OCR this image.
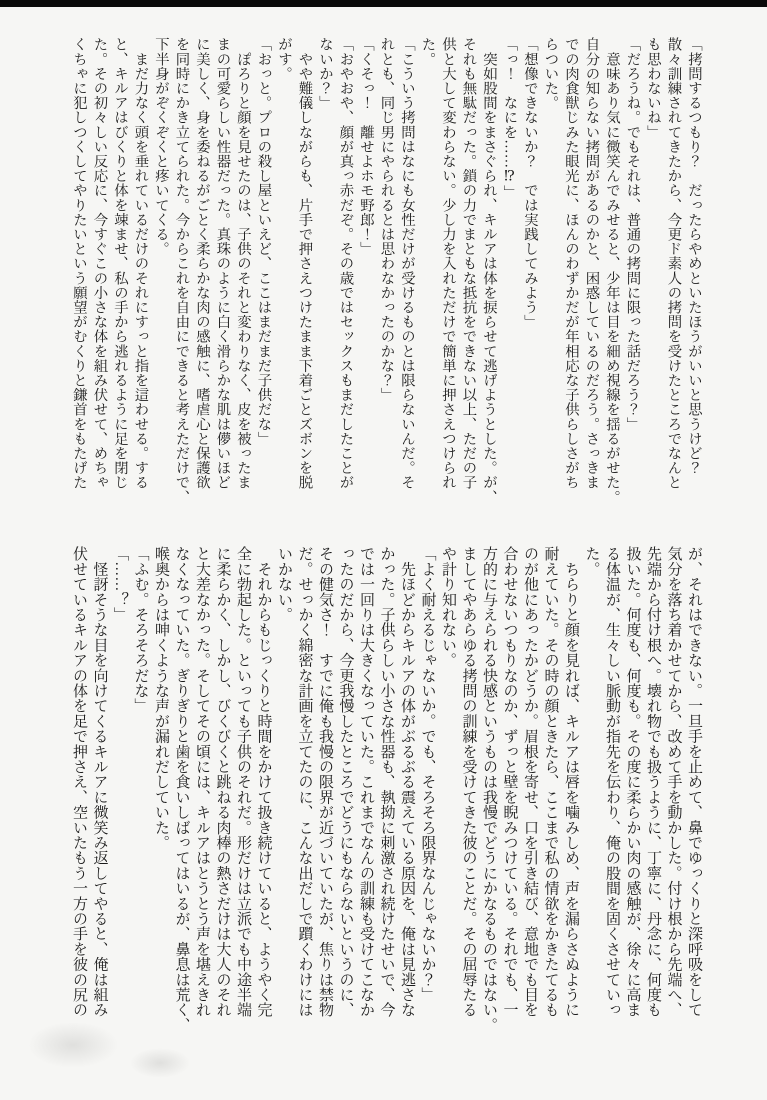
「拷問するつもり？　だったらやめといたほうがいいと思うけど？
散々訓練されてきたから、今更ド素人の拷問を受けたところでなんと
も思わないね」
「だろうね。でもそれは、普通の拷問に限った話だろう？」
　意味あり気に微笑んでみせると、少年は目を細め視線を揺るがせた。
自分の知らない拷問があるのかと、困惑しているのだろう。さっきま
での肉食獣じみた眼光に、ほんのわずかだが年相応な子供らしさがち
らついた。
「想像できないか？　では実践してみよう」
「っ！　なにを……⁉」
　突如股間をまさぐられ、キルアは体を捩らせて逃げようとした。が、
それも無駄だった。鎖の力でまともな抵抗をできない以上、ただの子
供と大して変わらない。少し力を入れただけで簡単に押さえつけられ
た。
「こういう拷問はなにも女性だけが受けるものとは限らないんだ。そ
れとも、同じ男にやられるとは思わなかったのかな？」
「くそっ！　離せよホモ野郎！」
「おやおや、顔が真っ赤だぞ。その歳ではセックスもまだしたことが
ないか？」
　やや難儀しながらも、片手で押さえつけたまま下着ごとズボンを脱
がす。
「おっと。プロの殺し屋といえど、ここはまだまだ子供だな」
　ぽろりと顔を見せたのは、子供のそれと変わりなく、皮を被ったま
まの可愛らしい性器だった。真珠のように白く滑らかな肌は儚いほど
に美しく、身を委ねるがごとく柔らかな肉の感触に、嗜虐心と保護欲
を同時にかき立てられた。今からこれを自由にできると考えただけで、
下半身がぞくぞくと疼いてくる。
　まだ力なく頭を垂れているだけのそれにすっと指を這わせる。する
と、キルアはびくりと体を竦ませ、私の手から逃れるように足を閉じ
た。その初々しい反応に、今すぐこの小さな体を組み伏せて、めちゃ
くちゃに犯しつくしてやりたいという願望がむくりと鎌首をもたげた
が、それはできない。一旦手を止めて、鼻でゆっくりと深呼吸をして
気分を落ち着かせてから、改めて手を動かした。付け根から先端へ、
先端から付け根へ。壊れ物でも扱うように、丁寧に、丹念に、何度も
扱いた。何度も、何度も。その度に柔らかい肉の感触が、徐々に高ま
る体温が、生々しい脈動が指先を伝わり、俺の股間を固くさせていっ
た。
　ちらりと顔を見れば、キルアは唇を噛みしめ、声を漏らさぬように
耐えていた。その時の顔ときたら、ここまで私の情欲をかきたてるも
のが他にあったかどうか。眉根を寄せ、口を引き結び、意地でも目を
合わせないつもりなのか、ずっと壁を睨みつけている。それでも、一
方的に与えられる快感というものは我慢でどうにかなるものではない。
ましてやあらゆる拷問の訓練を受けてきた彼のことだ。その屈辱たる
や計り知れない。
「よく耐えるじゃないか。でも、そろそろ限界なんじゃないか？」
　先ほどからキルアの体がぶるぶる震えている原因を、俺は見逃さな
かった。子供らしい小さな性器も、執拗に刺激され続けたせいで、今
では一回りは大きくなっていた。これまでなんの訓練も受けてこなか
ったのだから、今更我慢したところでどうにもならないというのに、
その健気さ！　すでに俺も我慢の限界が近づいていたが、焦りは禁物
だ。せっかく綿密な計画を立てたのに、こんな出だしで躓くわけには
いかない。
　それからもじっくりと時間をかけて扱き続けていると、ようやく完
全に勃起した。といっても子供のそれだ。形だけは立派でも中途半端
に柔らかく、しかし、びくびくと跳ねる肉棒の熱さだけは大人のそれ
と大差なかった。そしてその頃には、キルアはとうとう声を堪えきれ
なくなっていた。ぎりぎりと歯を食いしばってはいるが、鼻息は荒く、
喉奥からは呻くような声が漏れだしていた。
「ふむ。そろそろだな」
「……？」
　怪訝そうな目を向けてくるキルアに微笑み返してやると、俺は組み
伏せているキルアの体を足で押さえ、空いたもう一方の手を彼の尻の
